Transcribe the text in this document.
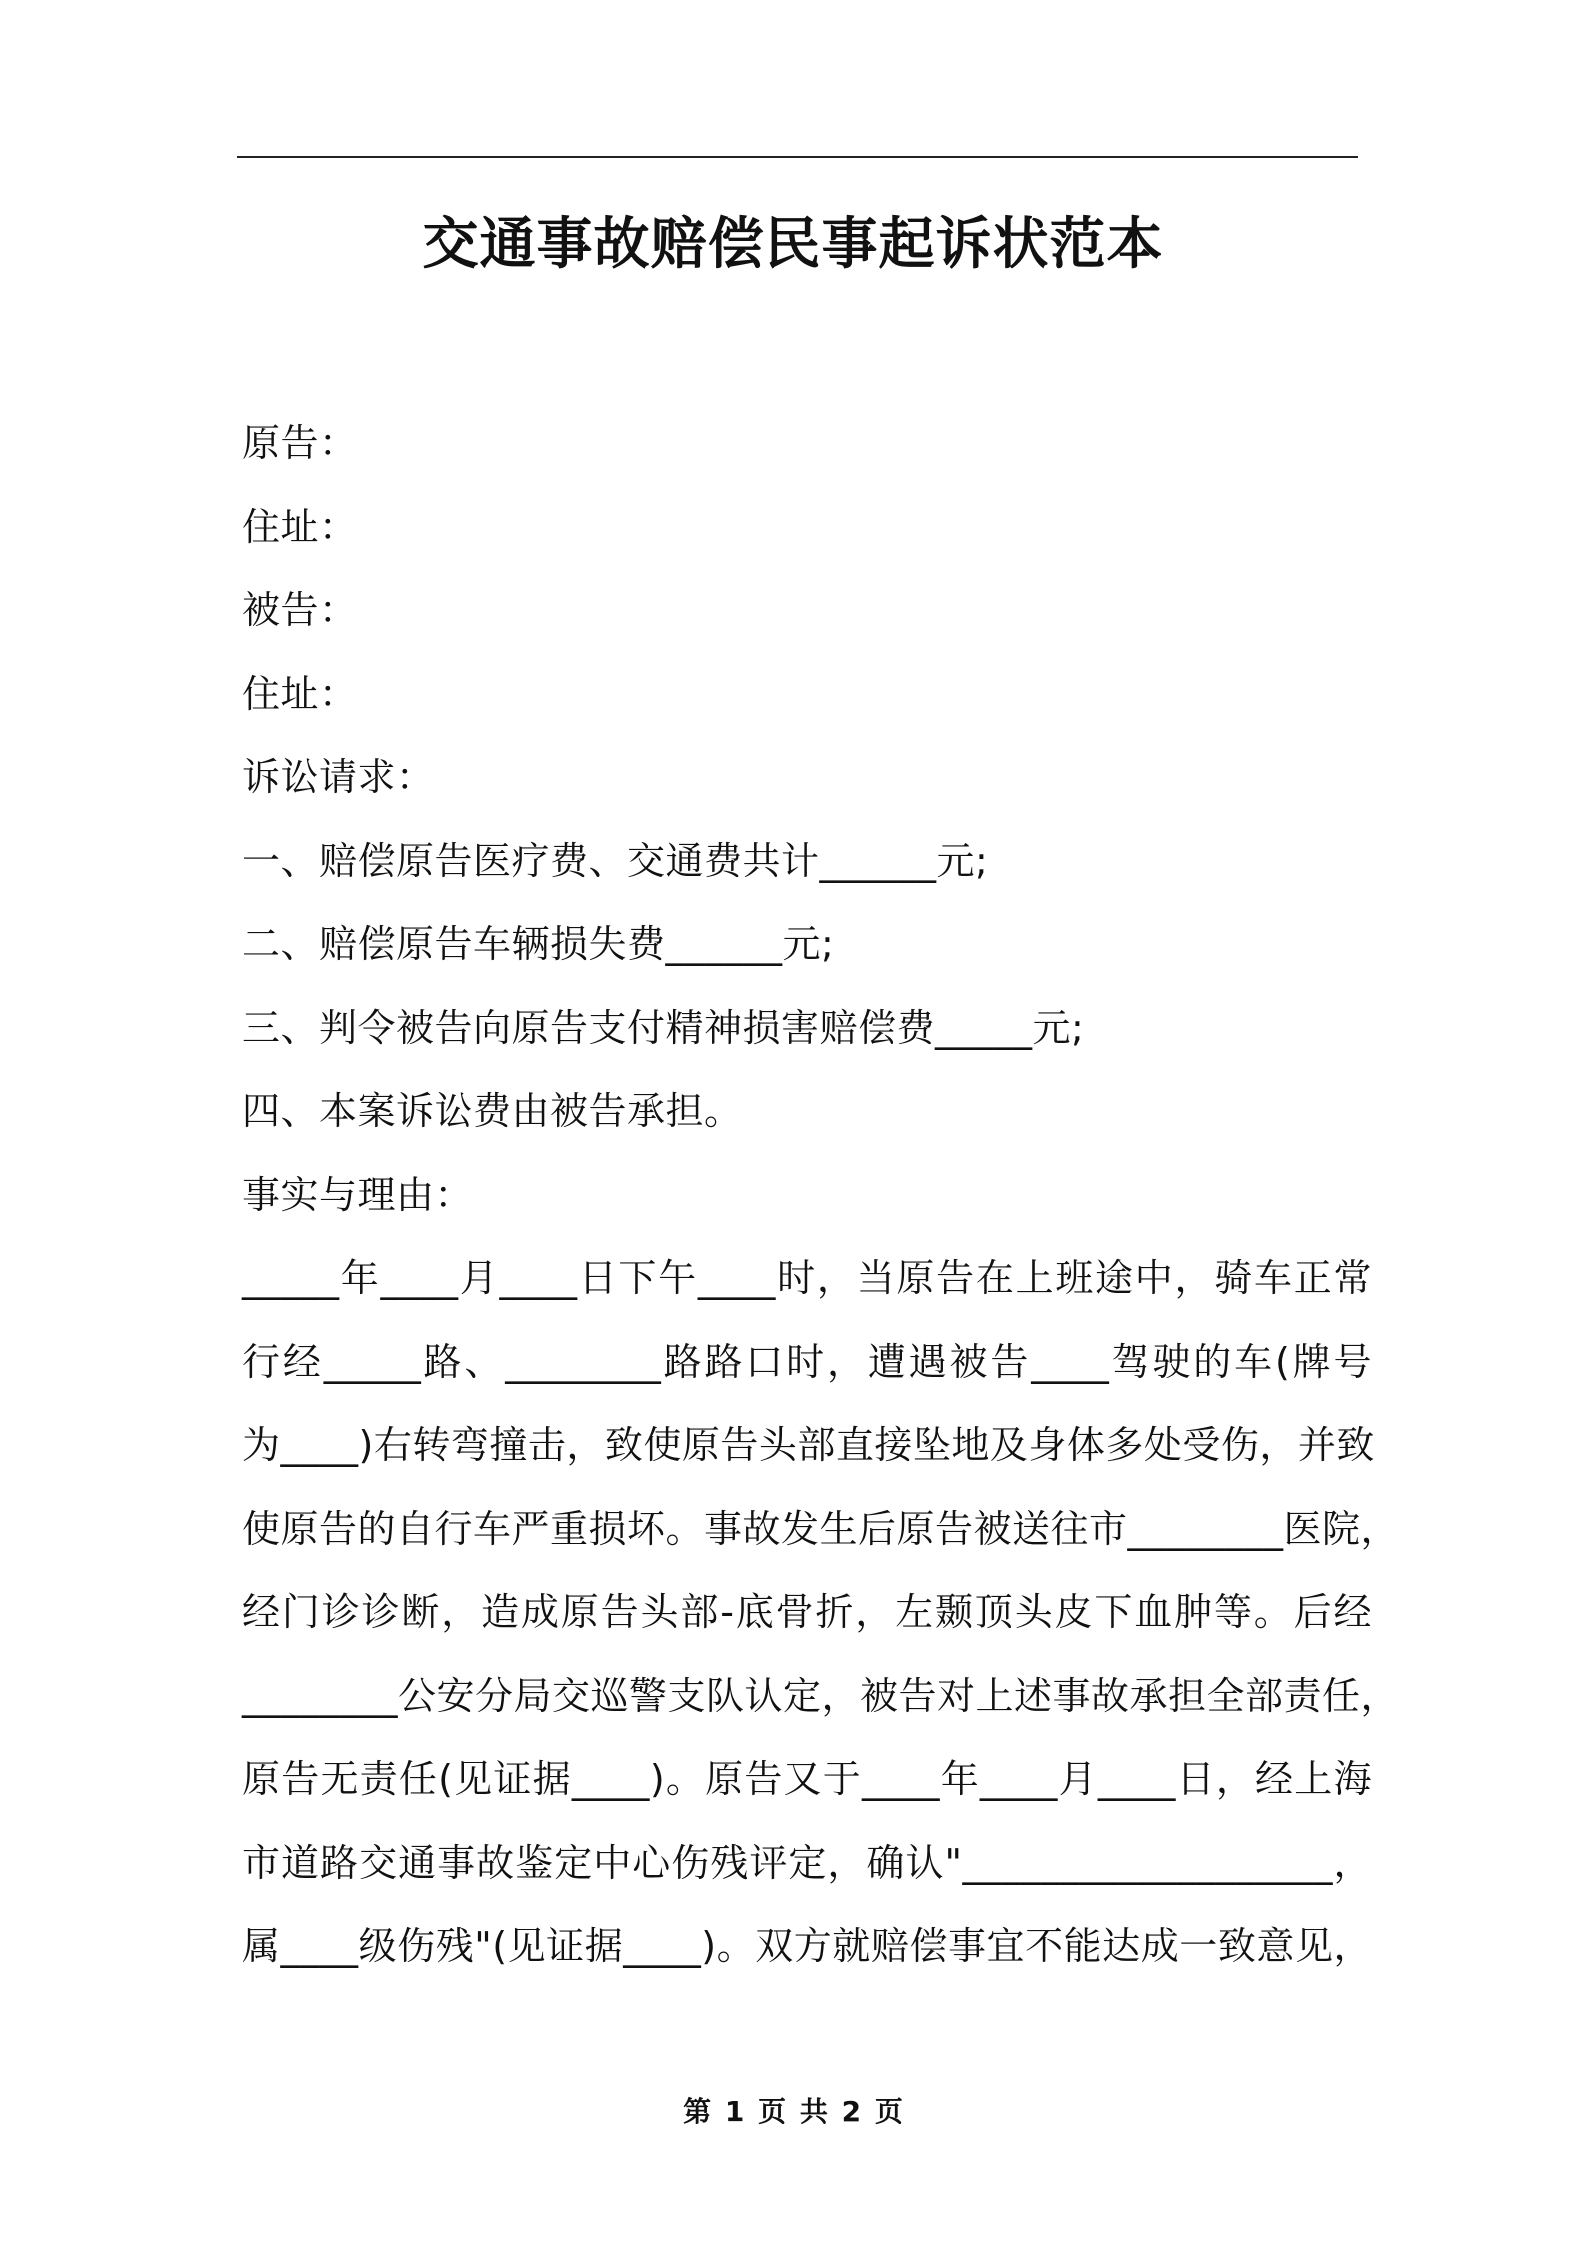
交通事故赔偿民事起诉状范本
原告：
住址：
被告：
住址：
诉讼请求：
一、赔偿原告医疗费、交通费共计______元;
二、赔偿原告车辆损失费______元;
三、判令被告向原告支付精神损害赔偿费_____元;
四、本案诉讼费由被告承担。
事实与理由：
_____年____月____日下午____时，当原告在上班途中，骑车正常
行经_____路、________路路口时，遭遇被告____驾驶的车(牌号
为____)右转弯撞击，致使原告头部直接坠地及身体多处受伤，并致
使原告的自行车严重损坏。事故发生后原告被送往市________医院，
经门诊诊断，造成原告头部-底骨折，左颞顶头皮下血肿等。后经
________公安分局交巡警支队认定，被告对上述事故承担全部责任，
原告无责任(见证据____)。原告又于____年____月____日，经上海
市道路交通事故鉴定中心伤残评定，确认"___________________，
属____级伤残"(见证据____)。双方就赔偿事宜不能达成一致意见，
第 1 页 共 2 页
